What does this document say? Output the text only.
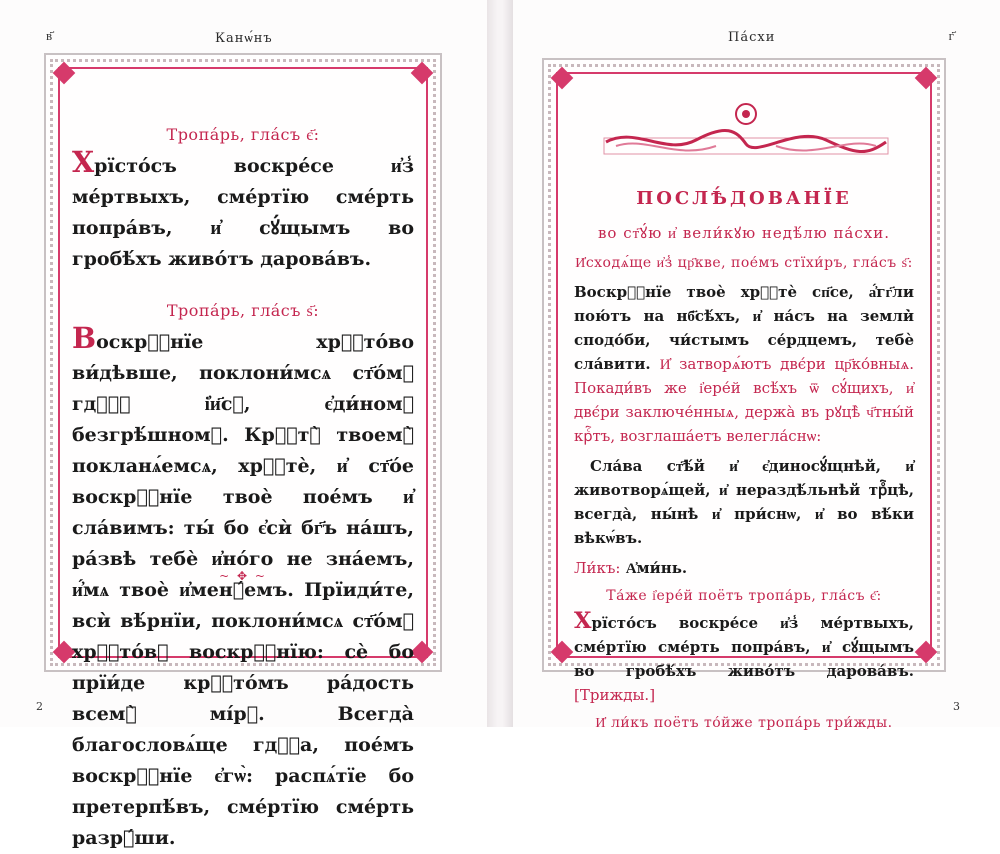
в҃	Канѡ́нъ
Тропа́рь, гла́съ є҃:

Хрїсто́съ воскре́се и҆з̾ ме́ртвыхъ, сме́ртїю сме́рть попра́въ, и҆ сꙋ́щымъ во гробѣ́хъ живо́тъ дарова́въ.

Тропа́рь, гла́съ ѕ҃:

Воскрⷭ҇нїе хрⷭ҇то́во ви́дѣвше, поклони́мсѧ ст҃о́мꙋ гдⷭ҇ꙋ і҆и҃сꙋ, є҆ди́номꙋ безгрѣ́шномꙋ. Крⷭ҇тꙋ̀ твоемꙋ̀ покланѧ́емсѧ, хрⷭ҇тѐ, и҆ ст҃о́е воскрⷭ҇нїе твоѐ пое́мъ и҆ сла́вимъ: ты́ бо є҆сѝ бг҃ъ на́шъ, ра́звѣ тебѐ и҆но́го не зна́емъ, и҆́мѧ твоѐ и҆менꙋ́емъ. Прїиди́те, всѝ вѣ́рнїи, поклони́мсѧ ст҃о́мꙋ хрⷭ҇то́вꙋ воскрⷭ҇нїю: сѐ бо прїи́де крⷭ҇то́мъ ра́дость всемꙋ̀ мі́рꙋ. Всегда̀ благословѧ́ще гдⷭ҇а, пое́мъ воскрⷭ҇нїе є҆гѡ̀: распѧ́тїе бо претерпѣ́въ, сме́ртїю сме́рть разрꙋ́ши.

~ ✥ ~
2
Па́схи	г҃
ПОСЛѢ́ДОВАНЇЕ
во ст҃ꙋ́ю и҆ вели́кꙋю недѣ́лю па́схи.
И҆сходѧ́ще и҆з̾ цр҃кве, пое́мъ стїхи́ръ, гла́съ ѕ҃:

Воскрⷭ҇нїе твоѐ хрⷭ҇тѐ сп҃се, а҆́гг҃ли пою́тъ на нб҃сѣ́хъ, и҆ на́съ на земли̇̀ сподо́би, чи́стымъ се́рдцемъ, тебѐ сла́вити. И҆ затворѧ́ютъ двє́ри цр҃ко́вныѧ. Покади́въ же і҆ере́й всѣ́хъ ѿ сꙋ́щихъ, и҆ двє́ри заключе́нныѧ, держа̀ въ рꙋцѣ̀ ч҃тны́й крⷭ҇тъ, возглаша́етъ велегла́снѡ:

Сла́ва ст҃ѣ́й и҆ є҆диносꙋ́щнѣй, и҆ животворѧ́щей, и҆ нераздѣ́льнѣй трⷪ҇цѣ, всегда̀, ны́нѣ и҆ при́снѡ, и҆ во вѣ́ки вѣкѡ́въ.

Ли́къ: А҆ми́нь.

Та́же і҆ере́й поётъ тропа́рь, гла́съ є҃:

Хрїсто́съ воскре́се и҆з̾ ме́ртвыхъ, сме́ртїю сме́рть попра́въ, и҆ сꙋ́щымъ во гробѣ́хъ живо́тъ дарова́въ. [Трижды.]

И҆ ли́къ поётъ то́йже тропа́рь три́жды.
3
